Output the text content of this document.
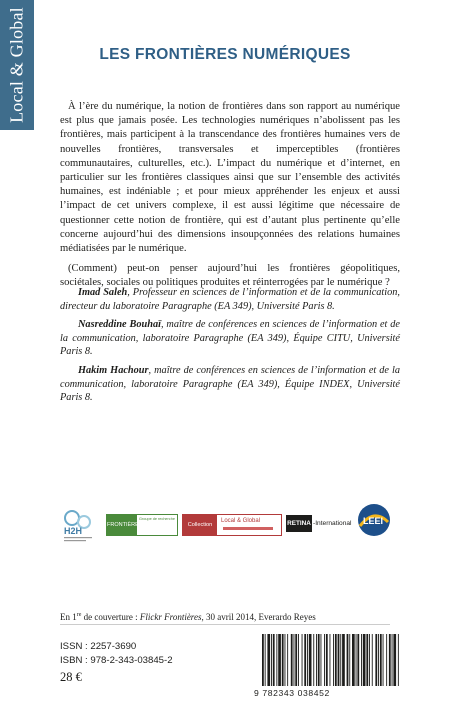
Local & Global	LES FRONTIÈRES NUMÉRIQUES

À l’ère du numérique, la notion de frontières dans son rapport au numérique est plus que jamais posée. Les technologies numériques n’abolissent pas les frontières, mais participent à la transcendance des frontières humaines vers de nouvelles frontières, transversales et imperceptibles (frontières communautaires, culturelles, etc.). L’impact du numérique et d’internet, en particulier sur les frontières classiques ainsi que sur l’ensemble des activités humaines, est indéniable ; et pour mieux appréhender les enjeux et aussi l’impact de cet univers complexe, il est aussi légitime que nécessaire de questionner cette notion de frontière, qui est d’autant plus pertinente qu’elle concerne aujourd’hui des dimensions insoupçonnées des relations humaines médiatisées par le numérique.

(Comment) peut-on penser aujourd’hui les frontières géopolitiques, sociétales, sociales ou politiques produites et réinterrogées par le numérique ?

Imad Saleh, Professeur en sciences de l’information et de la communication, directeur du laboratoire Paragraphe (EA 349), Université Paris 8.

Nasreddine Bouhaï, maître de conférences en sciences de l’information et de la communication, laboratoire Paragraphe (EA 349), Équipe CITU, Université Paris 8.

Hakim Hachour, maître de conférences en sciences de l’information et de la communication, laboratoire Paragraphe (EA 349), Équipe INDEX, Université Paris 8.

H2H
FRONTIÈRES
Groupe de recherche
Collection
Local & Global	RETINA -International LEEI
En 1re de couverture : Flickr Frontières, 30 avril 2014, Everardo Reyes
ISSN : 2257-3690
ISBN : 978-2-343-03845-2
28 €
9 782343 038452
